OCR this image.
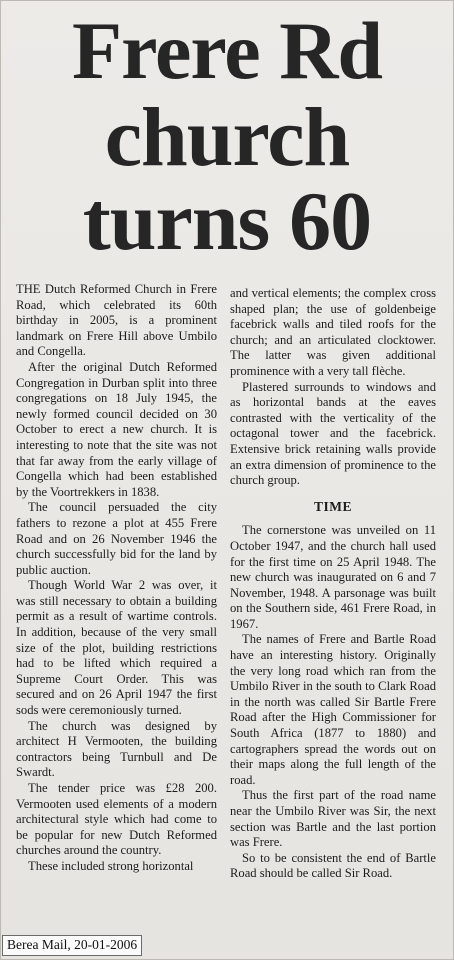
Frere Rd
church
turns 60

THE Dutch Reformed Church in Frere Road, which celebrated its 60th birthday in 2005, is a prominent landmark on Frere Hill above Umbilo and Congella.

After the original Dutch Reformed Congregation in Durban split into three congregations on 18 July 1945, the newly formed council decided on 30 October to erect a new church. It is interesting to note that the site was not that far away from the early village of Congella which had been established by the Voortrekkers in 1838.

The council persuaded the city fathers to rezone a plot at 455 Frere Road and on 26 November 1946 the church successfully bid for the land by public auction.

Though World War 2 was over, it was still necessary to obtain a building permit as a result of wartime controls. In addition, because of the very small size of the plot, building restrictions had to be lifted which required a Supreme Court Order. This was secured and on 26 April 1947 the first sods were ceremoniously turned.

The church was designed by architect H Vermooten, the building contractors being Turnbull and De Swardt.

The tender price was £28 200. Vermooten used elements of a modern architectural style which had come to be popular for new Dutch Reformed churches around the country.

These included strong horizontal

and vertical elements; the complex cross shaped plan; the use of goldenbeige facebrick walls and tiled roofs for the church; and an articulated clocktower. The latter was given additional prominence with a very tall flèche.

Plastered surrounds to windows and as horizontal bands at the eaves contrasted with the verticality of the octagonal tower and the facebrick. Extensive brick retaining walls provide an extra dimension of prominence to the church group.

TIME

The cornerstone was unveiled on 11 October 1947, and the church hall used for the first time on 25 April 1948. The new church was inaugurated on 6 and 7 November, 1948. A parsonage was built on the Southern side, 461 Frere Road, in 1967.

The names of Frere and Bartle Road have an interesting history. Originally the very long road which ran from the Umbilo River in the south to Clark Road in the north was called Sir Bartle Frere Road after the High Commissioner for South Africa (1877 to 1880) and cartographers spread the words out on their maps along the full length of the road.

Thus the first part of the road name near the Umbilo River was Sir, the next section was Bartle and the last portion was Frere.

So to be consistent the end of Bartle Road should be called Sir Road.

Berea Mail, 20-01-2006
